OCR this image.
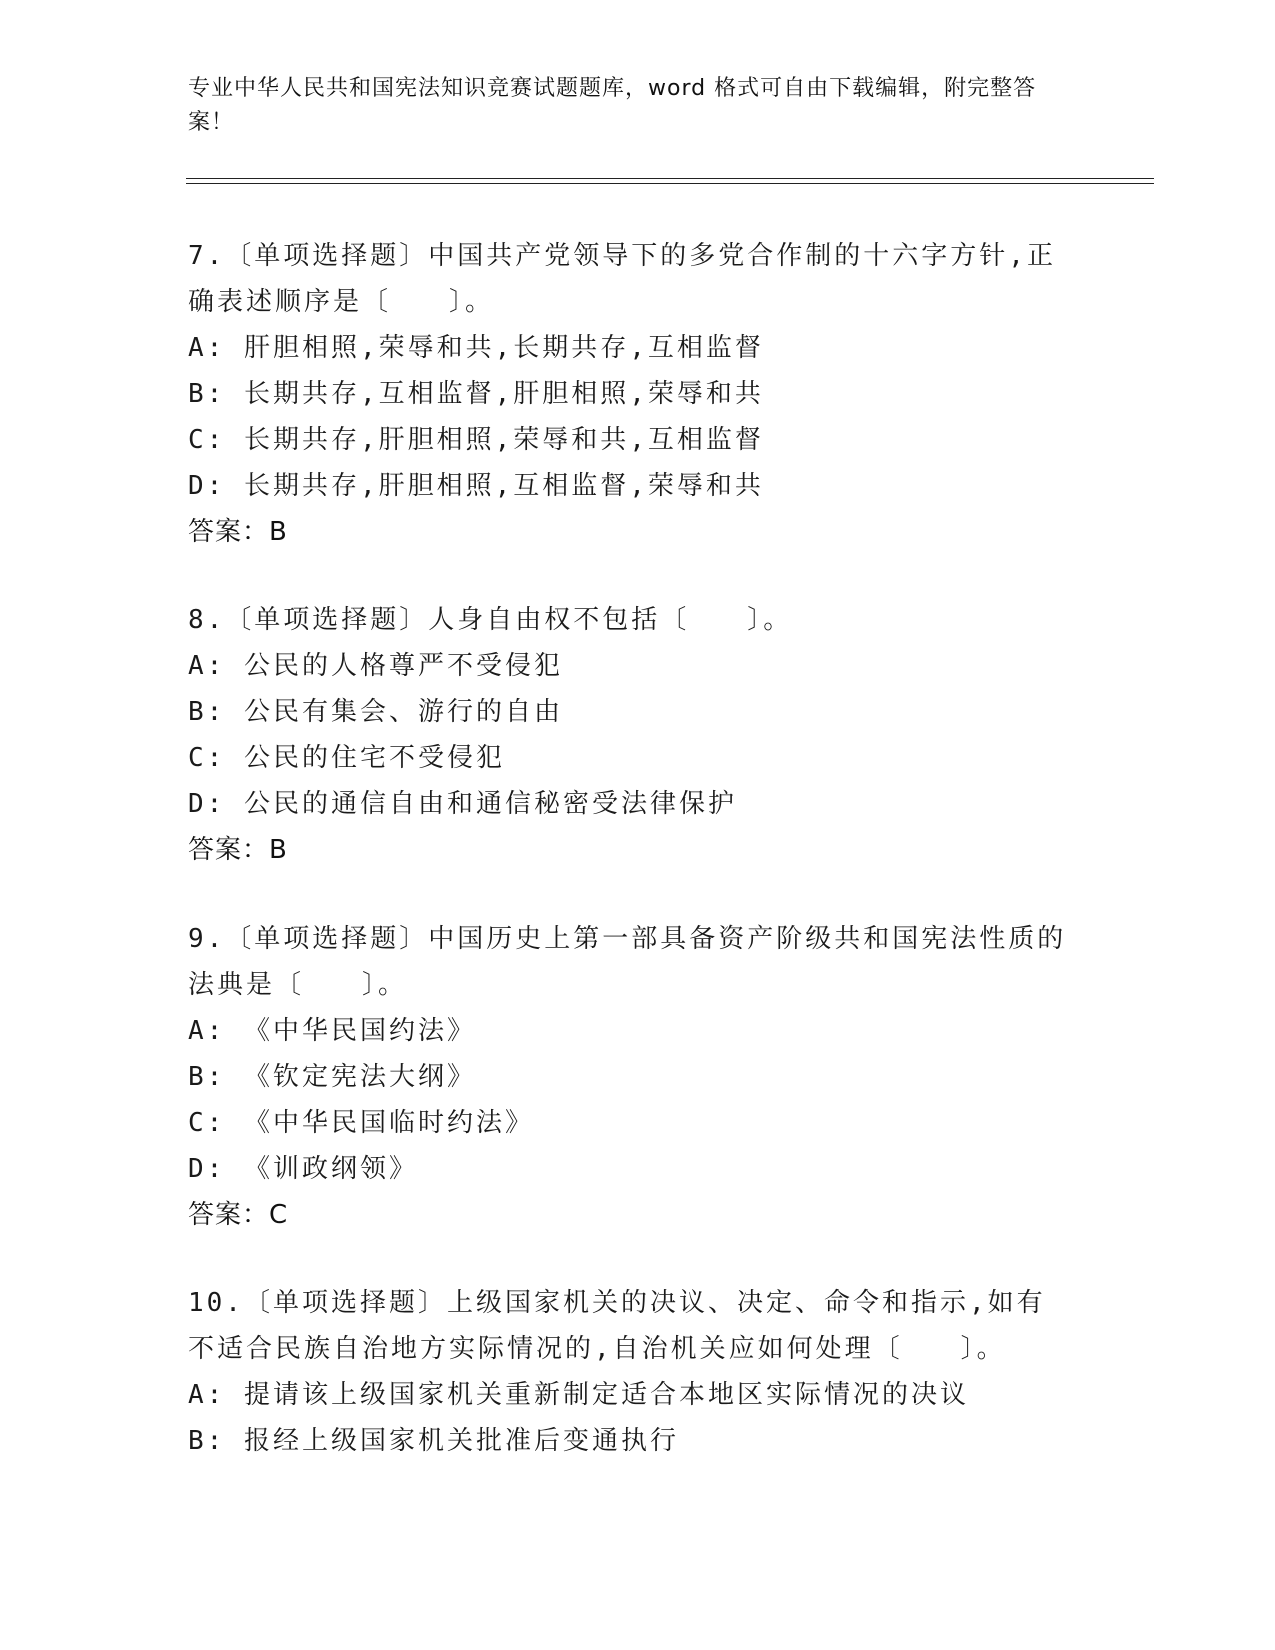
专业中华人民共和国宪法知识竞赛试题题库，word 格式可自由下载编辑，附完整答案！
7.〔单项选择题〕中国共产党领导下的多党合作制的十六字方针,正确表述顺序是〔　　〕。
A: 肝胆相照,荣辱和共,长期共存,互相监督
B: 长期共存,互相监督,肝胆相照,荣辱和共
C: 长期共存,肝胆相照,荣辱和共,互相监督
D: 长期共存,肝胆相照,互相监督,荣辱和共
答案：B
8.〔单项选择题〕人身自由权不包括〔　　〕。
A: 公民的人格尊严不受侵犯
B: 公民有集会、游行的自由
C: 公民的住宅不受侵犯
D: 公民的通信自由和通信秘密受法律保护
答案：B
9.〔单项选择题〕中国历史上第一部具备资产阶级共和国宪法性质的法典是〔　　〕。
A: 《中华民国约法》
B: 《钦定宪法大纲》
C: 《中华民国临时约法》
D: 《训政纲领》
答案：C
10.〔单项选择题〕上级国家机关的决议、决定、命令和指示,如有不适合民族自治地方实际情况的,自治机关应如何处理〔　　〕。
A: 提请该上级国家机关重新制定适合本地区实际情况的决议
B: 报经上级国家机关批准后变通执行
